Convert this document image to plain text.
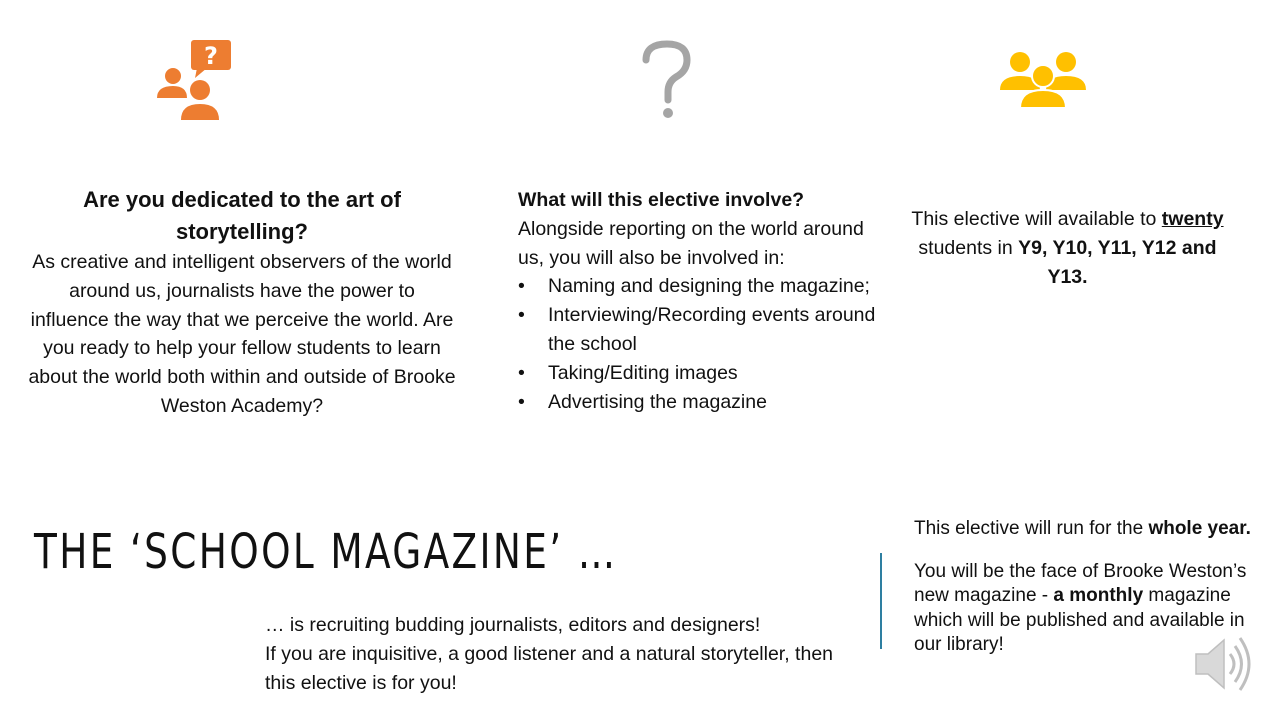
?
Are you dedicated to the art of storytelling?
As creative and intelligent observers of the world around us, journalists have the power to influence the way that we perceive the world. Are you ready to help your fellow students to learn about the world both within and outside of Brooke Weston Academy?
What will this elective involve?
Alongside reporting on the world around us, you will also be involved in:
• Naming and designing the magazine;
• Interviewing/Recording events around the school
• Taking/Editing images
• Advertising the magazine
This elective will available to twenty students in Y9, Y10, Y11, Y12 and Y13.
THE ‘SCHOOL MAGAZINE’ …
… is recruiting budding journalists, editors and designers!
If you are inquisitive, a good listener and a natural storyteller, then this elective is for you!

This elective will run for the whole year.

You will be the face of Brooke Weston’s new magazine - a monthly magazine which will be published and available in our library!
